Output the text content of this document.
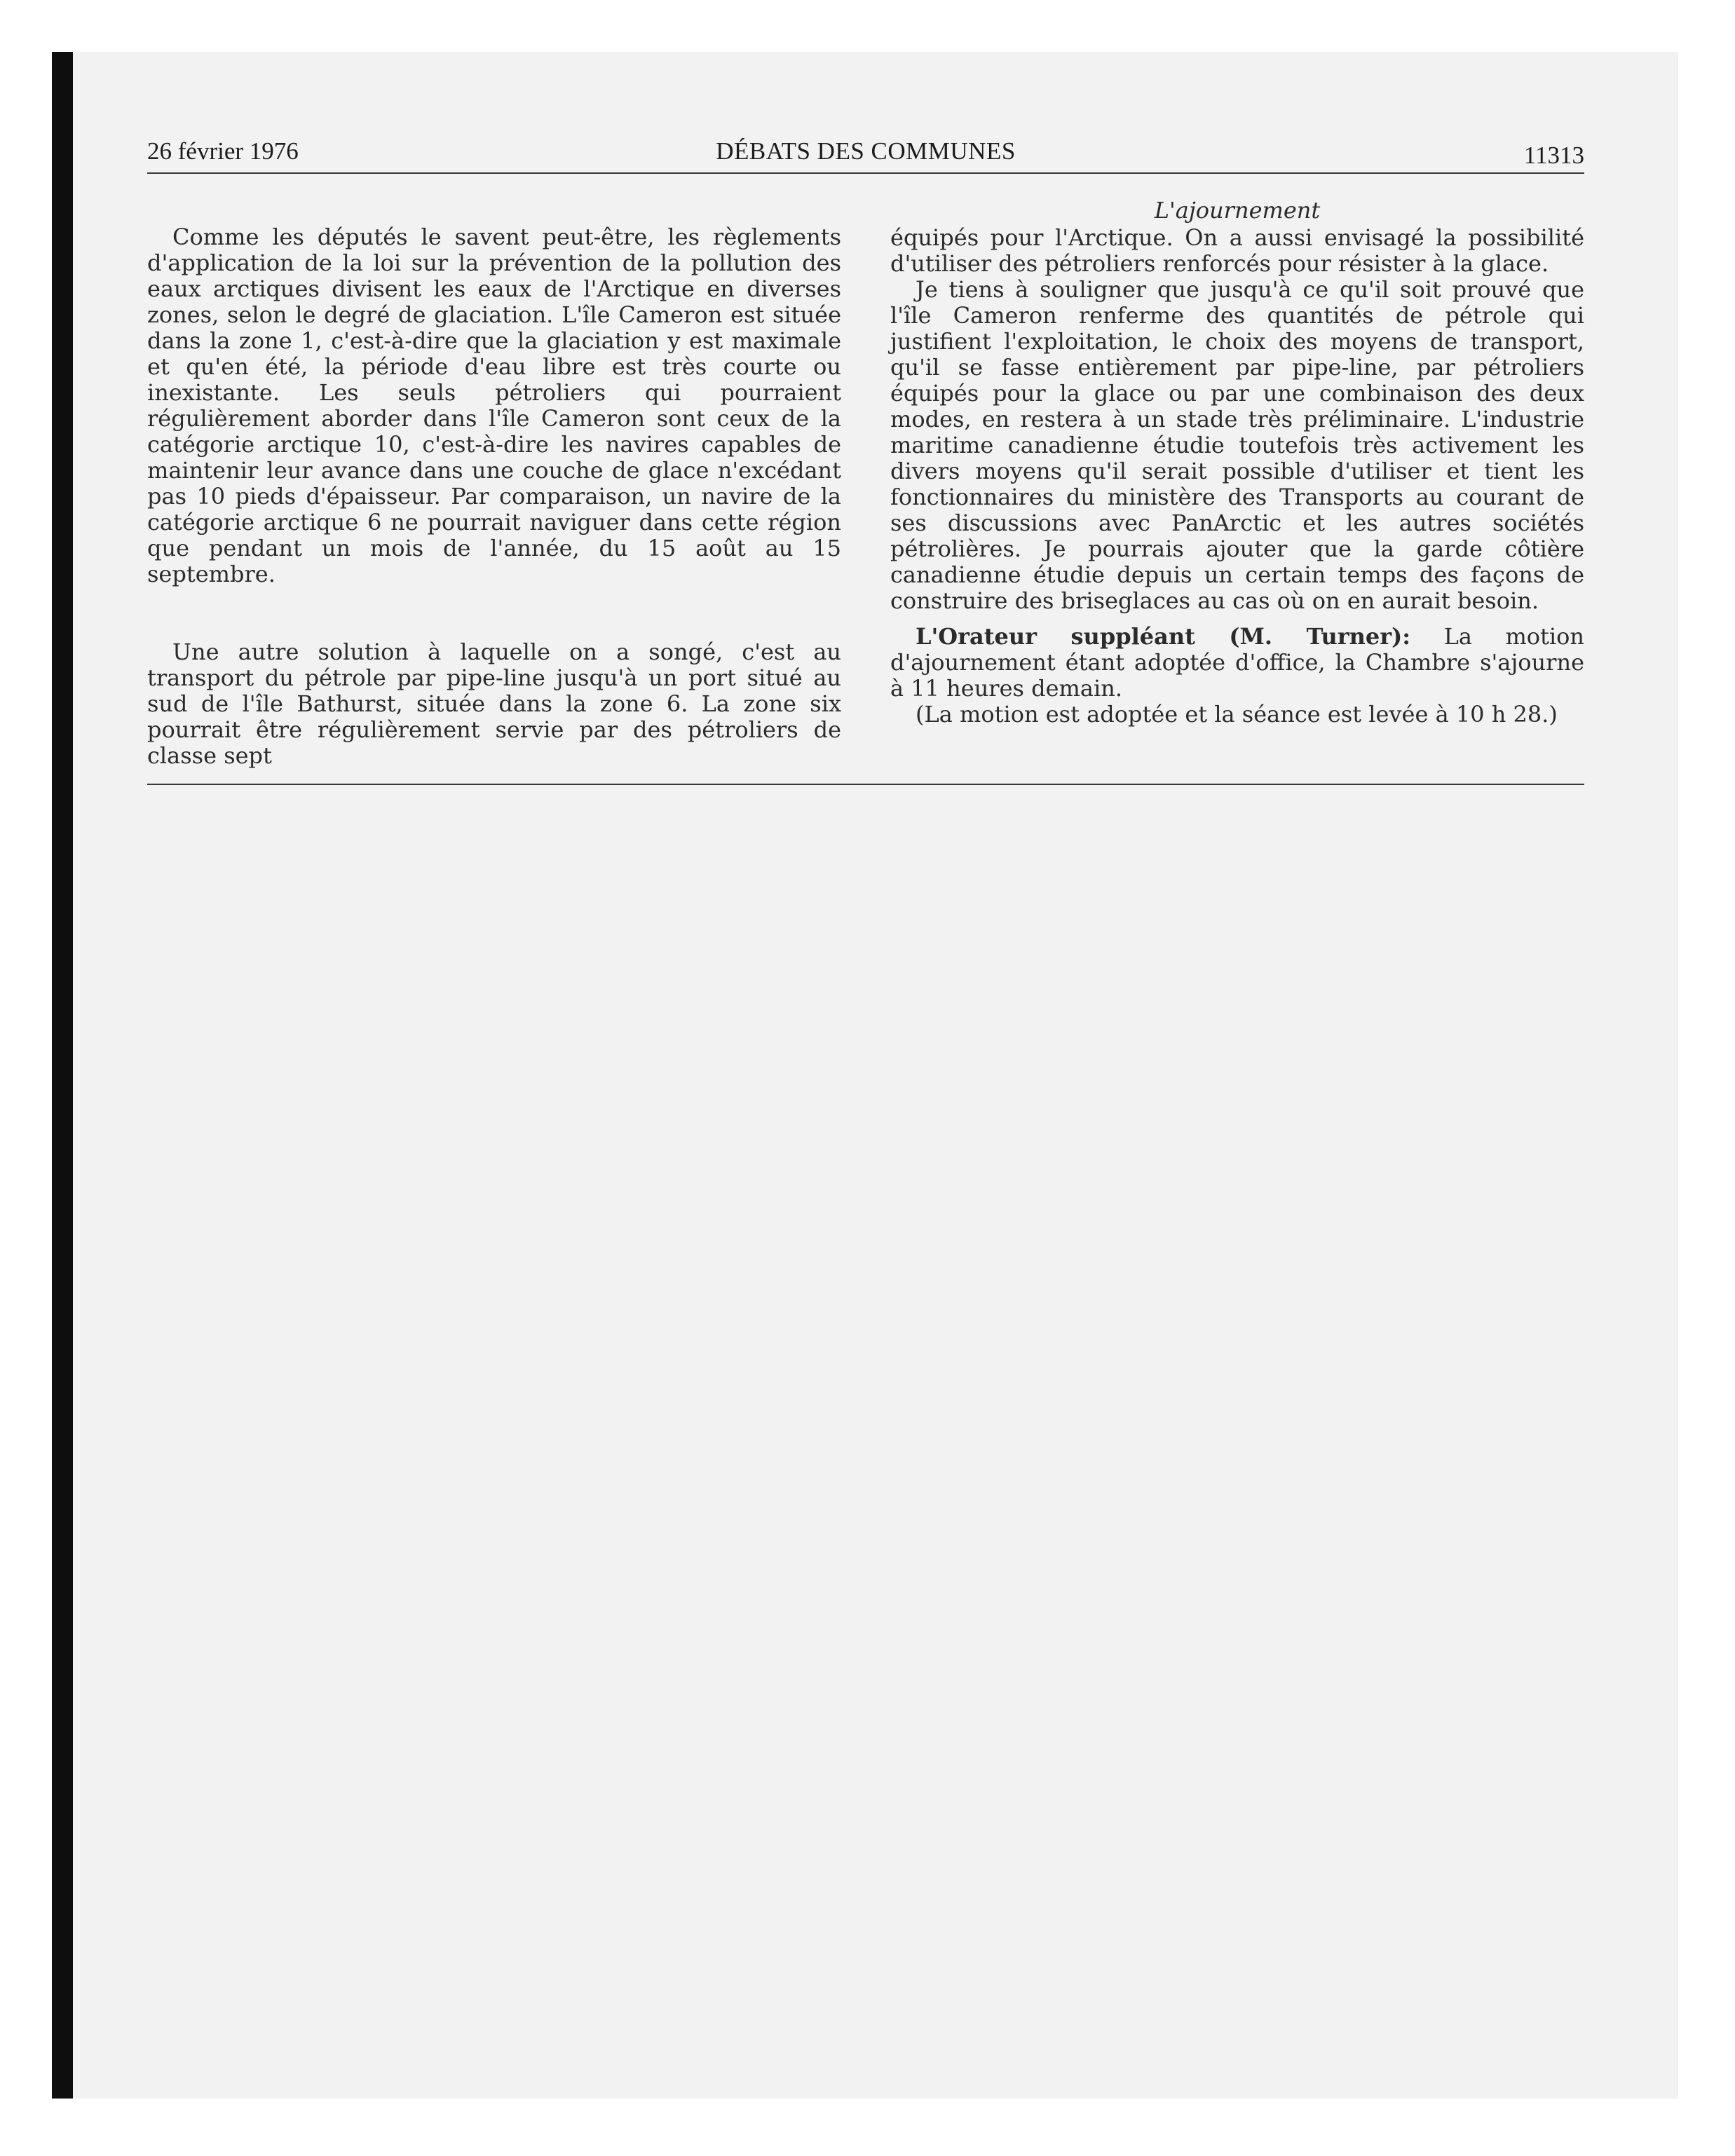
26 février 1976	DÉBATS DES COMMUNES	11313

Comme les députés le savent peut-être, les règlements d'application de la loi sur la prévention de la pollution des eaux arctiques divisent les eaux de l'Arctique en diverses zones, selon le degré de glaciation. L'île Cameron est située dans la zone 1, c'est-à-dire que la glaciation y est maximale et qu'en été, la période d'eau libre est très courte ou inexistante. Les seuls pétroliers qui pourraient régulièrement aborder dans l'île Cameron sont ceux de la catégorie arctique 10, c'est-à-dire les navires capables de maintenir leur avance dans une couche de glace n'excédant pas 10 pieds d'épaisseur. Par comparaison, un navire de la catégorie arctique 6 ne pourrait naviguer dans cette région que pendant un mois de l'année, du 15 août au 15 septembre.

Une autre solution à laquelle on a songé, c'est au transport du pétrole par pipe-line jusqu'à un port situé au sud de l'île Bathurst, située dans la zone 6. La zone six pourrait être régulièrement servie par des pétroliers de classe sept

L'ajournement

équipés pour l'Arctique. On a aussi envisagé la possibilité d'utiliser des pétroliers renforcés pour résister à la glace.

Je tiens à souligner que jusqu'à ce qu'il soit prouvé que l'île Cameron renferme des quantités de pétrole qui justifient l'exploitation, le choix des moyens de transport, qu'il se fasse entièrement par pipe-line, par pétroliers équipés pour la glace ou par une combinaison des deux modes, en restera à un stade très préliminaire. L'industrie maritime canadienne étudie toutefois très activement les divers moyens qu'il serait possible d'utiliser et tient les fonctionnaires du ministère des Transports au courant de ses discussions avec PanArctic et les autres sociétés pétrolières. Je pourrais ajouter que la garde côtière canadienne étudie depuis un certain temps des façons de construire des briseglaces au cas où on en aurait besoin.

L'Orateur suppléant (M. Turner): La motion d'ajournement étant adoptée d'office, la Chambre s'ajourne à 11 heures demain.

(La motion est adoptée et la séance est levée à 10 h 28.)
